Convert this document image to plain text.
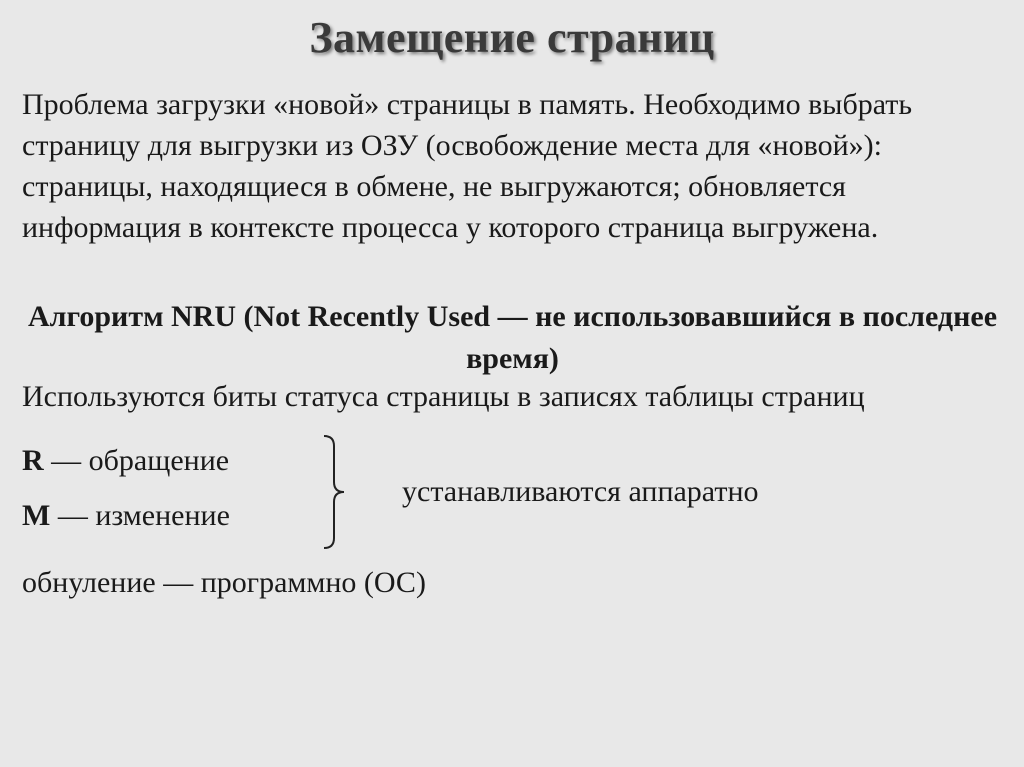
Замещение страниц
Проблема загрузки «новой» страницы в память. Необходимо выбрать страницу для выгрузки из ОЗУ (освобождение места для «новой»): страницы, находящиеся в обмене, не выгружаются; обновляется информация в контексте процесса у которого страница выгружена.
Алгоритм NRU (Not Recently Used — не использовавшийся в последнее время)
Используются биты статуса страницы в записях таблицы страниц
R — обращение
M — изменение
устанавливаются аппаратно
обнуление — программно (ОС)
